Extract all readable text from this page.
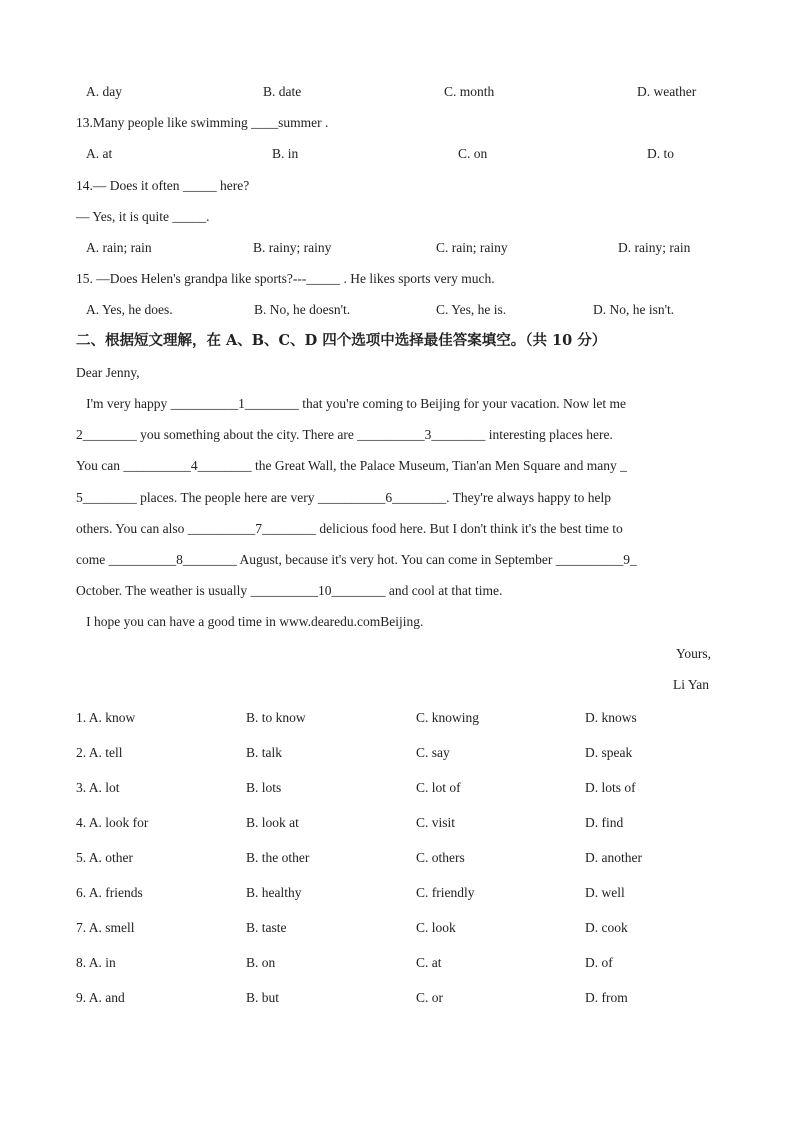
A. day	B. date	C. month	D. weather
13.Many people like swimming ____summer .
A. at	B. in	C. on	D. to
14.— Does it often _____ here?
— Yes, it is quite _____.
A. rain; rain	B. rainy; rainy	C. rain; rainy	D. rainy; rain
15. —Does Helen's grandpa like sports?---_____ . He likes sports very much.
A. Yes, he does.	B. No, he doesn't.	C. Yes, he is.	D. No, he isn't.
二、根据短文理解，在 A、B、C、D 四个选项中选择最佳答案填空。（共 10 分）
Dear Jenny,
I'm very happy __________1________ that you're coming to Beijing for your vacation. Now let me
2________ you something about the city. There are __________3________ interesting places here.
You can __________4________ the Great Wall, the Palace Museum, Tian'an Men Square and many _
5________ places. The people here are very __________6________. They're always happy to help
others. You can also __________7________ delicious food here. But I don't think it's the best time to
come __________8________ August, because it's very hot. You can come in September __________9_
October. The weather is usually __________10________ and cool at that time.
I hope you can have a good time in www.dearedu.comBeijing.
Yours,
Li Yan
1. A. know	B. to know	C. knowing	D. knows
2. A. tell	B. talk	C. say	D. speak
3. A. lot	B. lots	C. lot of	D. lots of
4. A. look for	B. look at	C. visit	D. find
5. A. other	B. the other	C. others	D. another
6. A. friends	B. healthy	C. friendly	D. well
7. A. smell	B. taste	C. look	D. cook
8. A. in	B. on	C. at	D. of
9. A. and	B. but	C. or	D. from
